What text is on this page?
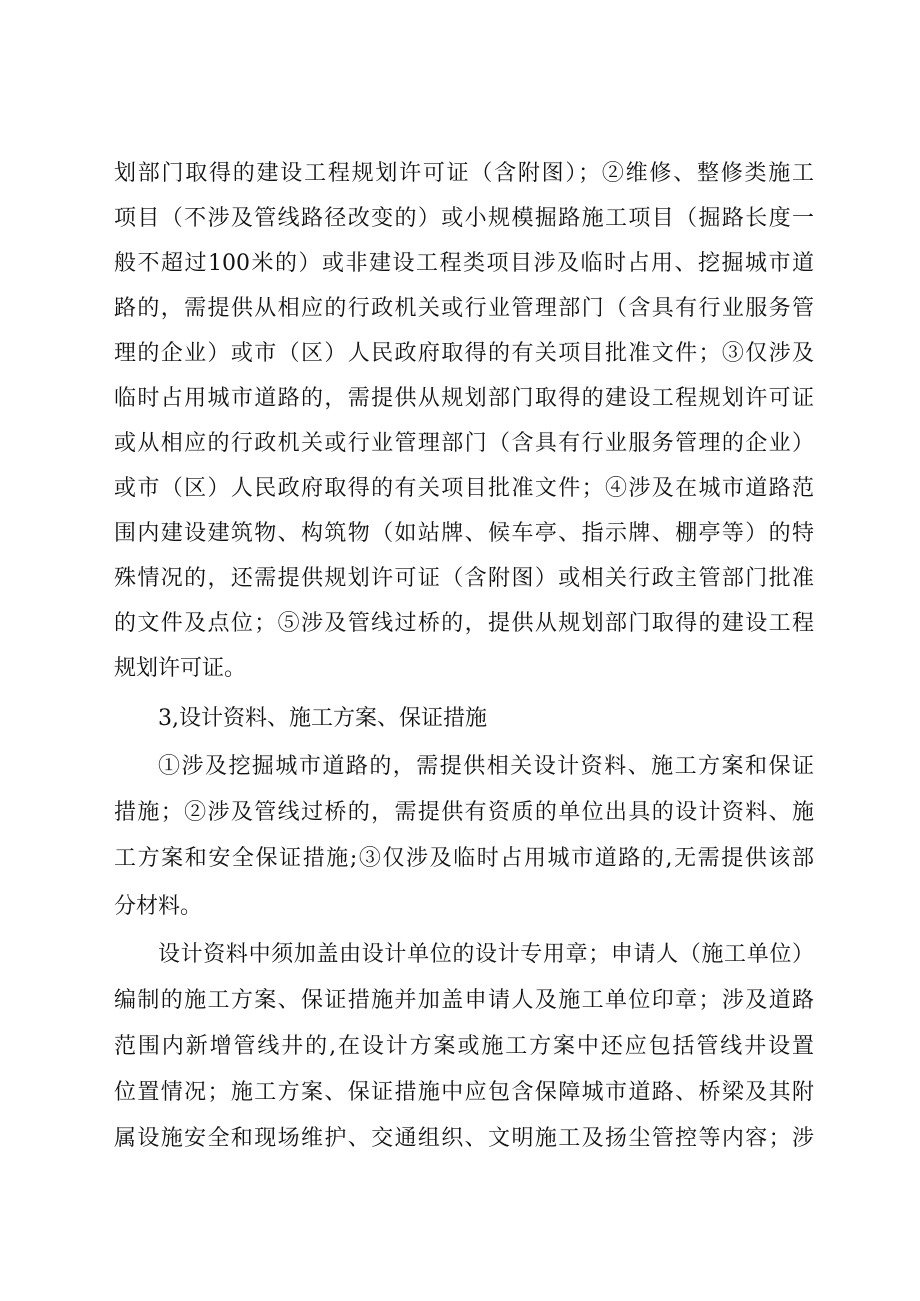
划部门取得的建设工程规划许可证（含附图）；②维修、整修类施工
项目（不涉及管线路径改变的）或小规模掘路施工项目（掘路长度一
般不超过100米的）或非建设工程类项目涉及临时占用、挖掘城市道
路的，需提供从相应的行政机关或行业管理部门（含具有行业服务管
理的企业）或市（区）人民政府取得的有关项目批准文件；③仅涉及
临时占用城市道路的，需提供从规划部门取得的建设工程规划许可证
或从相应的行政机关或行业管理部门（含具有行业服务管理的企业）
或市（区）人民政府取得的有关项目批准文件；④涉及在城市道路范
围内建设建筑物、构筑物（如站牌、候车亭、指示牌、棚亭等）的特
殊情况的，还需提供规划许可证（含附图）或相关行政主管部门批准
的文件及点位；⑤涉及管线过桥的，提供从规划部门取得的建设工程
规划许可证。
3,设计资料、施工方案、保证措施
①涉及挖掘城市道路的，需提供相关设计资料、施工方案和保证
措施；②涉及管线过桥的，需提供有资质的单位出具的设计资料、施
工方案和安全保证措施;③仅涉及临时占用城市道路的,无需提供该部
分材料。
设计资料中须加盖由设计单位的设计专用章；申请人（施工单位）
编制的施工方案、保证措施并加盖申请人及施工单位印章；涉及道路
范围内新增管线井的,在设计方案或施工方案中还应包括管线井设置
位置情况；施工方案、保证措施中应包含保障城市道路、桥梁及其附
属设施安全和现场维护、交通组织、文明施工及扬尘管控等内容；涉
